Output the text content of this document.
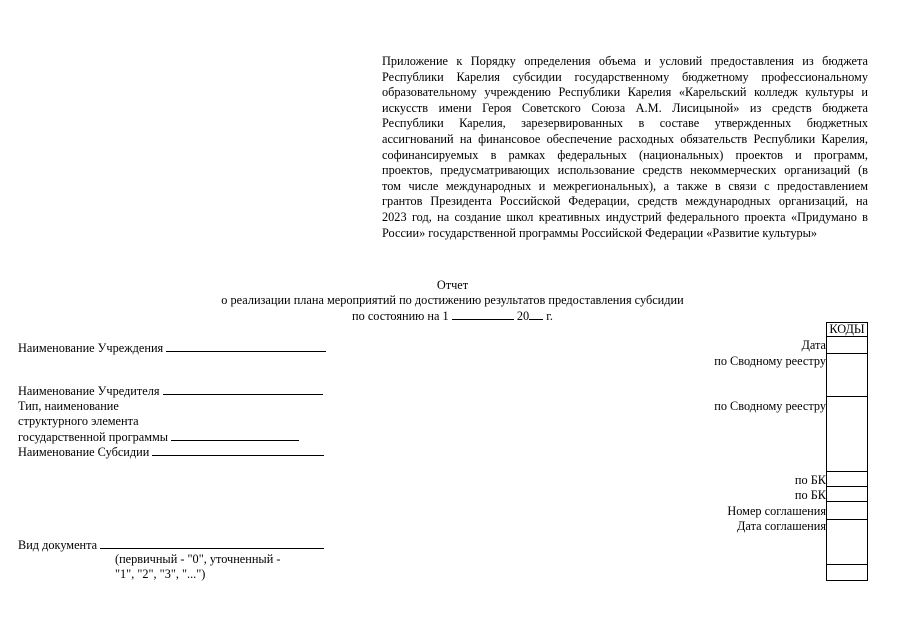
Приложение к Порядку определения объема и условий предоставления из бюджета
Республики Карелия субсидии государственному бюджетному профессиональному
образовательному учреждению Республики Карелия «Карельский колледж культуры и
искусств имени Героя Советского Союза А.М. Лисицыной» из средств бюджета
Республики Карелия, зарезервированных в составе утвержденных бюджетных
ассигнований на финансовое обеспечение расходных обязательств Республики Карелия,
софинансируемых в рамках федеральных (национальных) проектов и программ,
проектов, предусматривающих использование средств некоммерческих организаций (в
том числе международных и межрегиональных), а также в связи с предоставлением
грантов Президента Российской Федерации, средств международных организаций, на
2023 год, на создание школ креативных индустрий федерального проекта «Придумано в
России» государственной программы Российской Федерации «Развитие культуры»
Отчет
о реализации плана мероприятий по достижению результатов предоставления субсидии
по состоянию на 1	20 г.
Наименование Учреждения
Наименование Учредителя
Тип, наименование
структурного элемента
государственной программы
Наименование Субсидии
Вид документа
(первичный - "0", уточненный -
"1", "2", "3", "...")
Дата
по Сводному реестру
по Сводному реестру
по БК
по БК
Номер соглашения
Дата соглашения
КОДЫ
